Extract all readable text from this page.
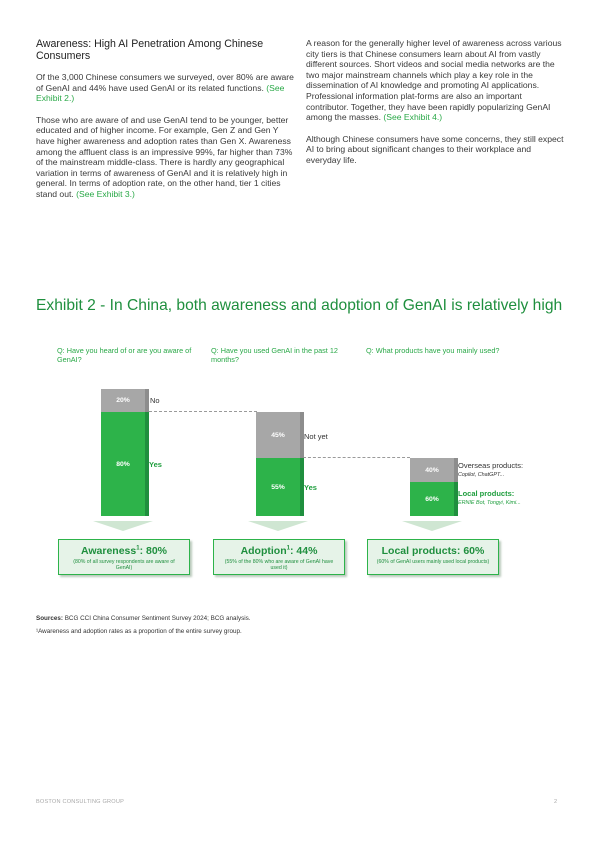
Awareness: High AI Penetration Among Chinese Consumers

Of the 3,000 Chinese consumers we surveyed, over 80% are aware of GenAI and 44% have used GenAI or its related functions. (See Exhibit 2.)

Those who are aware of and use GenAI tend to be younger, better educated and of higher income. For example, Gen Z and Gen Y have higher awareness and adoption rates than Gen X. Awareness among the affluent class is an impressive 99%, far higher than 73% of the mainstream middle-class. There is hardly any geographical variation in terms of awareness of GenAI and it is relatively high in general. In terms of adoption rate, on the other hand, tier 1 cities stand out. (See Exhibit 3.)

A reason for the generally higher level of awareness across various city tiers is that Chinese consumers learn about AI from vastly different sources. Short videos and social media networks are the two major mainstream channels which play a key role in the dissemination of AI knowledge and promoting AI applications. Professional information plat-forms are also an important contributor. Together, they have been rapidly popularizing GenAI among the masses. (See Exhibit 4.)

Although Chinese consumers have some concerns, they still expect AI to bring about significant changes to their workplace and everyday life.

Exhibit 2 - In China, both awareness and adoption of GenAI is relatively high
Q: Have you heard of or are you aware of GenAI?
Q: Have you used GenAI in the past 12 months?
Q: What products have you mainly used?
20%
80%
No
Yes
45%
55%
Not yet
Yes
40%
60%
Overseas products:
Copilot, ChatGPT...
Local products:
ERNIE Bot, Tongyi, Kimi...
Awareness$^1$: 80%
(80% of all survey respondents are aware of GenAI)
Adoption$^1$: 44%
(55% of the 80% who are aware of GenAI have used it)
Local products: 60%
(60% of GenAI users mainly used local products)
Sources: BCG CCI China Consumer Sentiment Survey 2024; BCG analysis.
¹Awareness and adoption rates as a proportion of the entire survey group.
BOSTON CONSULTING GROUP	2
